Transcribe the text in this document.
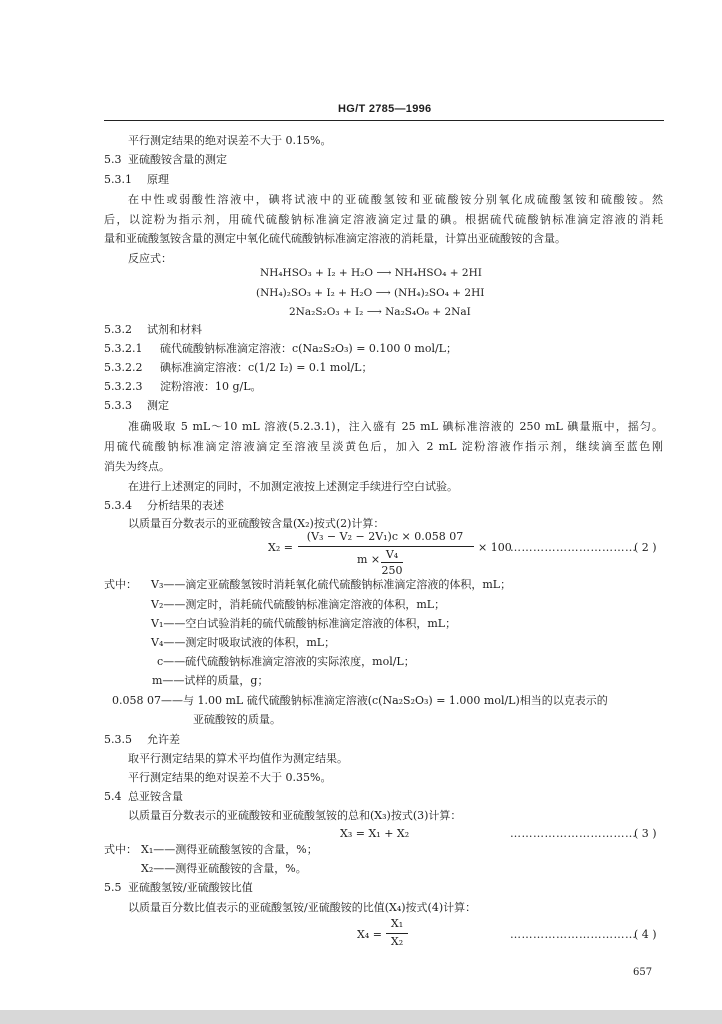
HG/T 2785—1996
平行测定结果的绝对误差不大于 0.15%。
5.3 亚硫酸铵含量的测定
5.3.1 原理
在中性或弱酸性溶液中，碘将试液中的亚硫酸氢铵和亚硫酸铵分别氧化成硫酸氢铵和硫酸铵。然
后，以淀粉为指示剂，用硫代硫酸钠标准滴定溶液滴定过量的碘。根据硫代硫酸钠标准滴定溶液的消耗
量和亚硫酸氢铵含量的测定中氧化硫代硫酸钠标准滴定溶液的消耗量，计算出亚硫酸铵的含量。
反应式：
NH₄HSO₃ + I₂ + H₂O ⟶ NH₄HSO₄ + 2HI
(NH₄)₂SO₃ + I₂ + H₂O ⟶ (NH₄)₂SO₄ + 2HI
2Na₂S₂O₃ + I₂ ⟶ Na₂S₄O₆ + 2NaI
5.3.2 试剂和材料
5.3.2.1 硫代硫酸钠标准滴定溶液：c(Na₂S₂O₃) = 0.100 0 mol/L；
5.3.2.2 碘标准滴定溶液：c(1/2 I₂) = 0.1 mol/L；
5.3.2.3 淀粉溶液：10 g/L。
5.3.3 测定
准确吸取 5 mL～10 mL 溶液(5.2.3.1)，注入盛有 25 mL 碘标准溶液的 250 mL 碘量瓶中，摇匀。
用硫代硫酸钠标准滴定溶液滴定至溶液呈淡黄色后，加入 2 mL 淀粉溶液作指示剂，继续滴至蓝色刚
消失为终点。
在进行上述测定的同时，不加测定液按上述测定手续进行空白试验。
5.3.4 分析结果的表述
以质量百分数表示的亚硫酸铵含量(X₂)按式(2)计算：
X₂ =
(V₃ − V₂ − 2V₁)c × 0.058 07
m × V₄
250
× 100
……………………………
( 2 )
式中： V₃——滴定亚硫酸氢铵时消耗氧化硫代硫酸钠标准滴定溶液的体积，mL；
V₂——测定时，消耗硫代硫酸钠标准滴定溶液的体积，mL；
V₁——空白试验消耗的硫代硫酸钠标准滴定溶液的体积，mL；
V₄——测定时吸取试液的体积，mL；
c——硫代硫酸钠标准滴定溶液的实际浓度，mol/L；
m——试样的质量，g；
0.058 07——与 1.00 mL 硫代硫酸钠标准滴定溶液(c(Na₂S₂O₃) = 1.000 mol/L)相当的以克表示的
亚硫酸铵的质量。
5.3.5 允许差
取平行测定结果的算术平均值作为测定结果。
平行测定结果的绝对误差不大于 0.35%。
5.4 总亚铵含量
以质量百分数表示的亚硫酸铵和亚硫酸氢铵的总和(X₃)按式(3)计算：
X₃ = X₁ + X₂	……………………………
( 3 )
式中： X₁——测得亚硫酸氢铵的含量，%；
X₂——测得亚硫酸铵的含量，%。
5.5 亚硫酸氢铵/亚硫酸铵比值
以质量百分数比值表示的亚硫酸氢铵/亚硫酸铵的比值(X₄)按式(4)计算：
X₄ =
X₁
X₂
……………………………
( 4 )
657
